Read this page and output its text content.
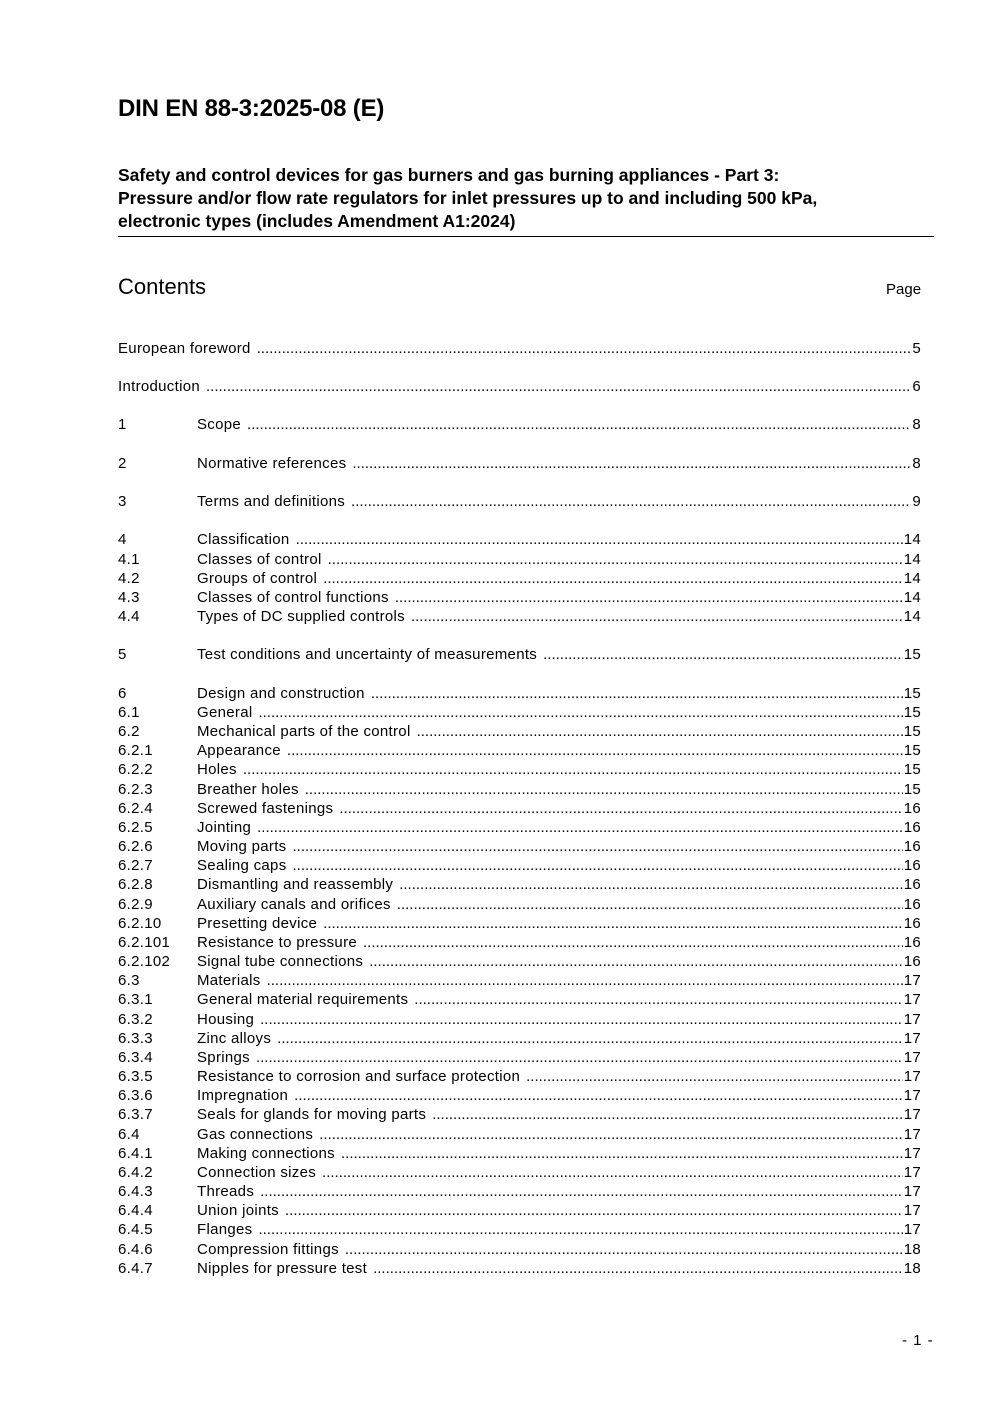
DIN EN 88-3:2025-08 (E)
Safety and control devices for gas burners and gas burning appliances - Part 3:
Pressure and/or flow rate regulators for inlet pressures up to and including 500 kPa,
electronic types (includes Amendment A1:2024)
Contents	Page
European foreword .....	5
Introduction .....	6
1	Scope .....	8
2	Normative references .....	8
3	Terms and definitions .....	9
4	Classification .....	14
4.1	Classes of control .....	14
4.2	Groups of control .....	14
4.3	Classes of control functions .....	14
4.4	Types of DC supplied controls .....	14
5	Test conditions and uncertainty of measurements .....	15
6	Design and construction .....	15
6.1	General .....	15
6.2	Mechanical parts of the control .....	15
6.2.1	Appearance .....	15
6.2.2	Holes .....	15
6.2.3	Breather holes .....	15
6.2.4	Screwed fastenings .....	16
6.2.5	Jointing .....	16
6.2.6	Moving parts .....	16
6.2.7	Sealing caps .....	16
6.2.8	Dismantling and reassembly .....	16
6.2.9	Auxiliary canals and orifices .....	16
6.2.10	Presetting device .....	16
6.2.101	Resistance to pressure .....	16
6.2.102	Signal tube connections .....	16
6.3	Materials .....	17
6.3.1	General material requirements .....	17
6.3.2	Housing .....	17
6.3.3	Zinc alloys .....	17
6.3.4	Springs .....	17
6.3.5	Resistance to corrosion and surface protection .....	17
6.3.6	Impregnation .....	17
6.3.7	Seals for glands for moving parts .....	17
6.4	Gas connections .....	17
6.4.1	Making connections .....	17
6.4.2	Connection sizes .....	17
6.4.3	Threads .....	17
6.4.4	Union joints .....	17
6.4.5	Flanges .....	17
6.4.6	Compression fittings .....	18
6.4.7	Nipples for pressure test .....	18
- 1 -
